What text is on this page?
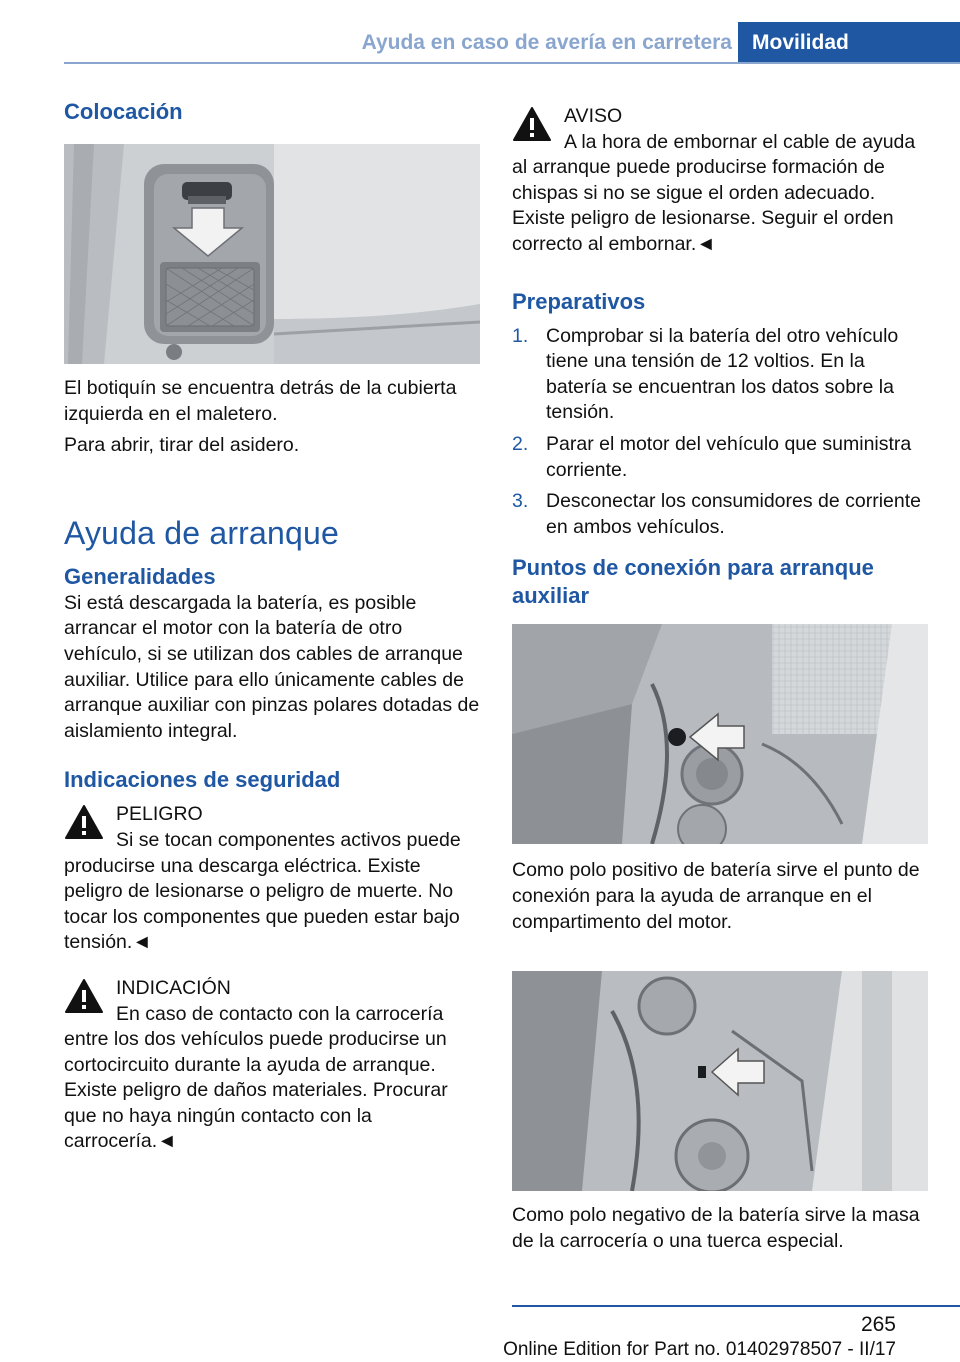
Ayuda en caso de avería en carretera Movilidad
Colocación

El botiquín se encuentra detrás de la cubierta izquierda en el maletero.

Para abrir, tirar del asidero.

Ayuda de arranque
Generalidades

Si está descargada la batería, es posible arrancar el motor con la batería de otro vehículo, si se utilizan dos cables de arranque auxiliar. Utilice para ello únicamente cables de arranque auxiliar con pinzas polares dotadas de aislamiento integral.

Indicaciones de seguridad
PELIGRO
Si se tocan componentes activos puede

producirse una descarga eléctrica. Existe peligro de lesionarse o peligro de muerte. No tocar los componentes que pueden estar bajo tensión.◄

INDICACIÓN
En caso de contacto con la carrocería

entre los dos vehículos puede producirse un cortocircuito durante la ayuda de arranque. Existe peligro de daños materiales. Procurar que no haya ningún contacto con la carrocería.◄

AVISO
A la hora de embornar el cable de ayuda

al arranque puede producirse formación de chispas si no se sigue el orden adecuado. Existe peligro de lesionarse. Seguir el orden correcto al embornar.◄

Preparativos
1. Comprobar si la batería del otro vehículo tiene una tensión de 12 voltios. En la batería se encuentran los datos sobre la tensión.
2. Parar el motor del vehículo que suministra corriente.
3. Desconectar los consumidores de corriente en ambos vehículos.
Puntos de conexión para arranque auxiliar

Como polo positivo de batería sirve el punto de conexión para la ayuda de arranque en el compartimento del motor.

Como polo negativo de la batería sirve la masa de la carrocería o una tuerca especial.

265
Online Edition for Part no. 01402978507 - II/17
